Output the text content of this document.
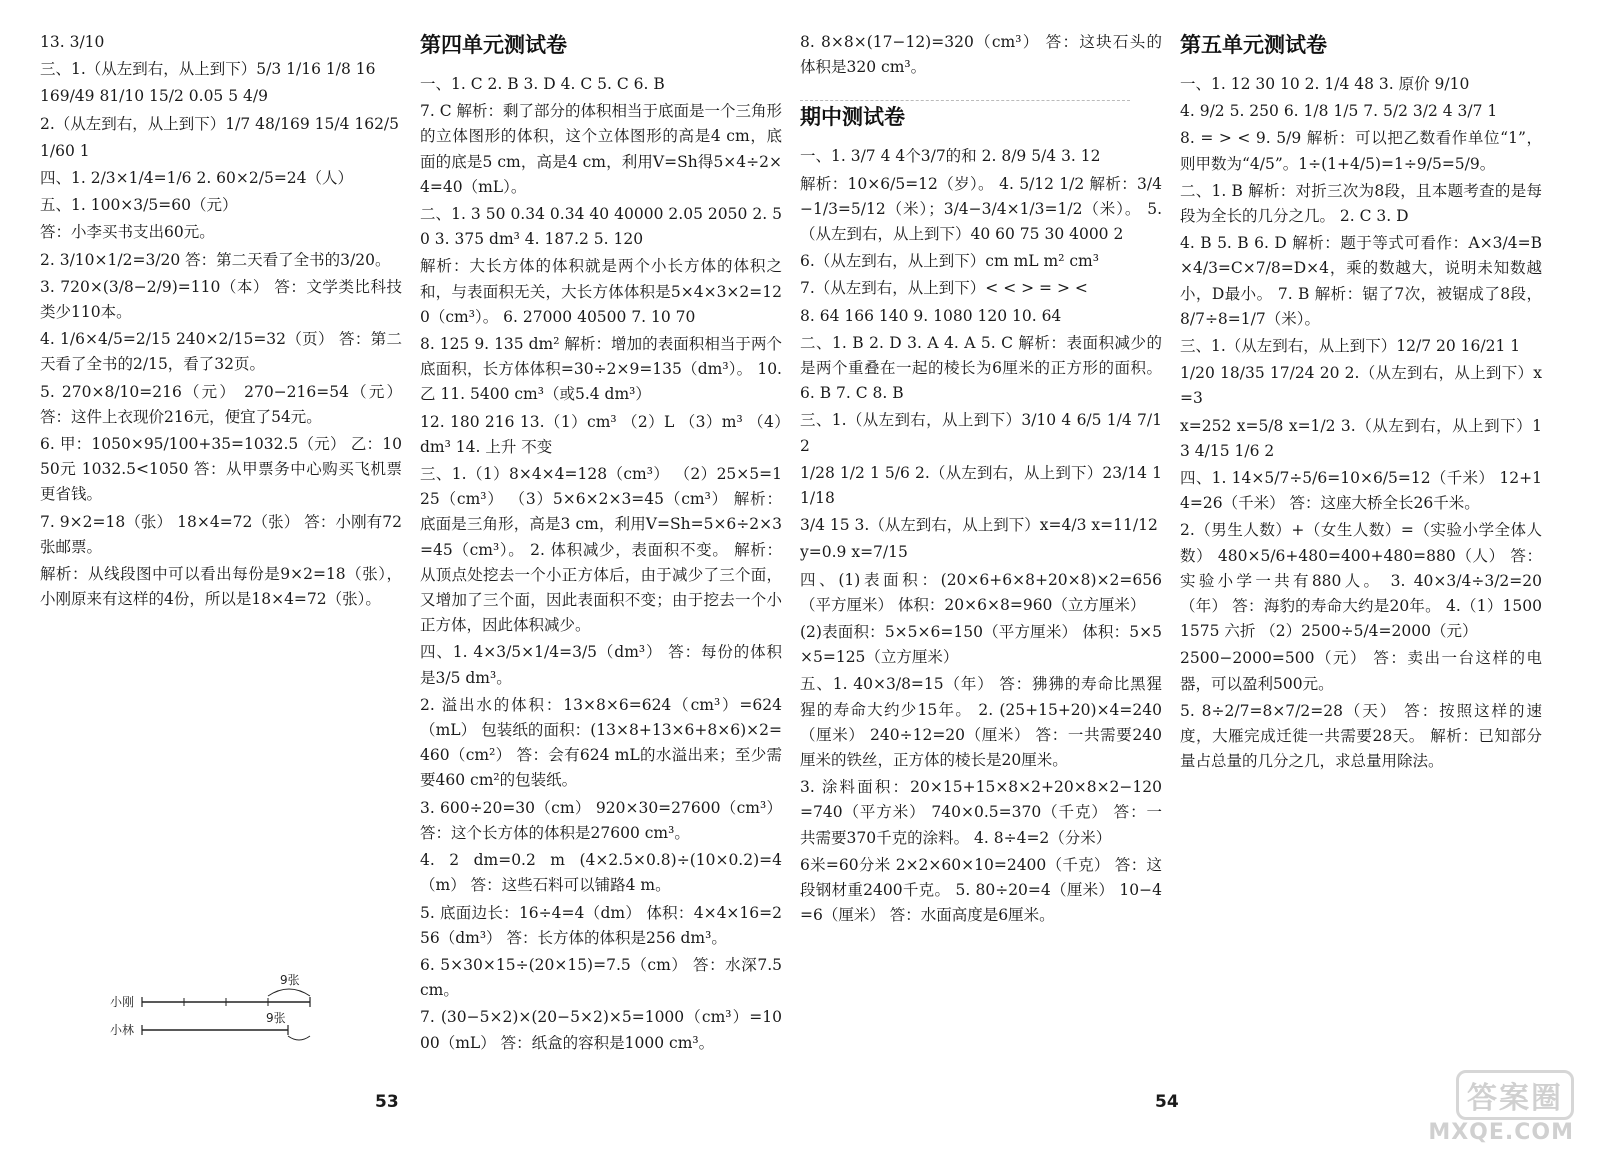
13. 3/10

三、1.（从左到右，从上到下）5/3 1/16 1/8 16

169/49 81/10 15/2 0.05 5 4/9

2.（从左到右，从上到下）1/7 48/169 15/4 162/5

1/60 1

四、1. 2/3×1/4=1/6 2. 60×2/5=24（人）

五、1. 100×3/5=60（元）

答：小李买书支出60元。

2. 3/10×1/2=3/20 答：第二天看了全书的3/20。

3. 720×(3/8−2/9)=110（本） 答：文学类比科技类少110本。

4. 1/6×4/5=2/15 240×2/15=32（页） 答：第二天看了全书的2/15，看了32页。

5. 270×8/10=216（元） 270−216=54（元） 答：这件上衣现价216元，便宜了54元。

6. 甲：1050×95/100+35=1032.5（元） 乙：1050元 1032.5<1050 答：从甲票务中心购买飞机票更省钱。

7. 9×2=18（张） 18×4=72（张） 答：小刚有72张邮票。

解析：从线段图中可以看出每份是9×2=18（张），小刚原来有这样的4份，所以是18×4=72（张）。

第四单元测试卷

一、1. C 2. B 3. D 4. C 5. C 6. B

7. C 解析：剩了部分的体积相当于底面是一个三角形的立体图形的体积，这个立体图形的高是4 cm，底面的底是5 cm，高是4 cm，利用V=Sh得5×4÷2×4=40（mL）。

二、1. 3 50 0.34 0.34 40 40000 2.05 2050 2. 50 3. 375 dm³ 4. 187.2 5. 120

解析：大长方体的体积就是两个小长方体的体积之和，与表面积无关，大长方体体积是5×4×3×2=120（cm³）。 6. 27000 40500 7. 10 70

8. 125 9. 135 dm² 解析：增加的表面积相当于两个底面积，长方体体积=30÷2×9=135（dm³）。 10. 乙 11. 5400 cm³（或5.4 dm³）

12. 180 216 13.（1）cm³ （2）L （3）m³ （4）dm³ 14. 上升 不变

三、1.（1）8×4×4=128（cm³） （2）25×5=125（cm³） （3）5×6×2×3=45（cm³） 解析：底面是三角形，高是3 cm，利用V=Sh=5×6÷2×3=45（cm³）。 2. 体积减少，表面积不变。 解析：从顶点处挖去一个小正方体后，由于减少了三个面，又增加了三个面，因此表面积不变；由于挖去一个小正方体，因此体积减少。

四、1. 4×3/5×1/4=3/5（dm³） 答：每份的体积是3/5 dm³。

2. 溢出水的体积：13×8×6=624（cm³）=624（mL） 包装纸的面积：(13×8+13×6+8×6)×2=460（cm²） 答：会有624 mL的水溢出来；至少需要460 cm²的包装纸。

3. 600÷20=30（cm） 920×30=27600（cm³） 答：这个长方体的体积是27600 cm³。

4. 2 dm=0.2 m (4×2.5×0.8)÷(10×0.2)=4（m） 答：这些石料可以铺路4 m。

5. 底面边长：16÷4=4（dm） 体积：4×4×16=256（dm³） 答：长方体的体积是256 dm³。

6. 5×30×15÷(20×15)=7.5（cm） 答：水深7.5 cm。

7. (30−5×2)×(20−5×2)×5=1000（cm³）=1000（mL） 答：纸盒的容积是1000 cm³。

8. 8×8×(17−12)=320（cm³） 答：这块石头的体积是320 cm³。

期中测试卷

一、1. 3/7 4 4个3/7的和 2. 8/9 5/4 3. 12

解析：10×6/5=12（岁）。 4. 5/12 1/2 解析：3/4−1/3=5/12（米）；3/4−3/4×1/3=1/2（米）。 5.（从左到右，从上到下）40 60 75 30 4000 2

6.（从左到右，从上到下）cm mL m² cm³

7.（从左到右，从上到下）< < > = > <

8. 64 166 140 9. 1080 120 10. 64

二、1. B 2. D 3. A 4. A 5. C 解析：表面积减少的是两个重叠在一起的棱长为6厘米的正方形的面积。 6. B 7. C 8. B

三、1.（从左到右，从上到下）3/10 4 6/5 1/4 7/12

1/28 1/2 1 5/6 2.（从左到右，从上到下）23/14 11/18

3/4 15 3.（从左到右，从上到下）x=4/3 x=11/12

y=0.9 x=7/15

四、(1)表面积：(20×6+6×8+20×8)×2=656（平方厘米） 体积：20×6×8=960（立方厘米）

(2)表面积：5×5×6=150（平方厘米） 体积：5×5×5=125（立方厘米）

五、1. 40×3/8=15（年） 答：狒狒的寿命比黑猩猩的寿命大约少15年。 2. (25+15+20)×4=240（厘米） 240÷12=20（厘米） 答：一共需要240厘米的铁丝，正方体的棱长是20厘米。

3. 涂料面积：20×15+15×8×2+20×8×2−120=740（平方米） 740×0.5=370（千克） 答：一共需要370千克的涂料。 4. 8÷4=2（分米）

6米=60分米 2×2×60×10=2400（千克） 答：这段钢材重2400千克。 5. 80÷20=4（厘米） 10−4=6（厘米） 答：水面高度是6厘米。

第五单元测试卷

一、1. 12 30 10 2. 1/4 48 3. 原价 9/10

4. 9/2 5. 250 6. 1/8 1/5 7. 5/2 3/2 4 3/7 1

8. = > < 9. 5/9 解析：可以把乙数看作单位“1”，则甲数为“4/5”。1÷(1+4/5)=1÷9/5=5/9。

二、1. B 解析：对折三次为8段，且本题考查的是每段为全长的几分之几。 2. C 3. D

4. B 5. B 6. D 解析：题于等式可看作：A×3/4=B×4/3=C×7/8=D×4，乘的数越大，说明未知数越小，D最小。 7. B 解析：锯了7次，被锯成了8段，8/7÷8=1/7（米）。

三、1.（从左到右，从上到下）12/7 20 16/21 1

1/20 18/35 17/24 20 2.（从左到右，从上到下）x=3

x=252 x=5/8 x=1/2 3.（从左到右，从上到下）13 4/15 1/6 2

四、1. 14×5/7÷5/6=10×6/5=12（千米） 12+14=26（千米） 答：这座大桥全长26千米。

2.（男生人数）+（女生人数）=（实验小学全体人数） 480×5/6+480=400+480=880（人） 答：实验小学一共有880人。 3. 40×3/4÷3/2=20（年） 答：海豹的寿命大约是20年。 4.（1）1500 1575 六折 （2）2500÷5/4=2000（元）

2500−2000=500（元） 答：卖出一台这样的电器，可以盈利500元。

5. 8÷2/7=8×7/2=28（天） 答：按照这样的速度，大雁完成迁徙一共需要28天。 解析：已知部分量占总量的几分之几，求总量用除法。

小刚
小林
9张
9张
53	54	答案圈
MXQE.COM
